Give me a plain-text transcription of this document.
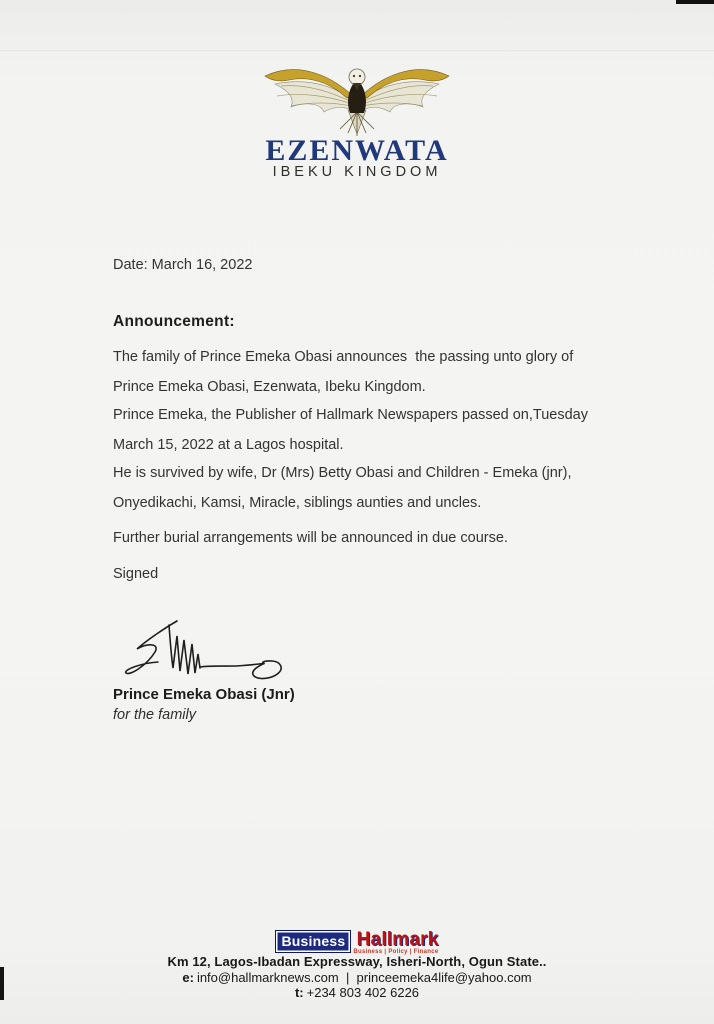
EZENWATA
IBEKU KINGDOM
Date: March 16, 2022
Announcement:
The family of Prince Emeka Obasi announces  the passing unto glory of
Prince Emeka Obasi, Ezenwata, Ibeku Kingdom.
Prince Emeka, the Publisher of Hallmark Newspapers passed on,Tuesday
March 15, 2022 at a Lagos hospital.
He is survived by wife, Dr (Mrs) Betty Obasi and Children - Emeka (jnr),
Onyedikachi, Kamsi, Miracle, siblings aunties and uncles.
Further burial arrangements will be announced in due course.
Signed
Prince Emeka Obasi (Jnr)
for the family
Business Hallmark
Business | Policy | Finance
Km 12, Lagos-Ibadan Expressway, Isheri-North, Ogun State..
e: info@hallmarknews.com  |  princeemeka4life@yahoo.com
t: +234 803 402 6226
